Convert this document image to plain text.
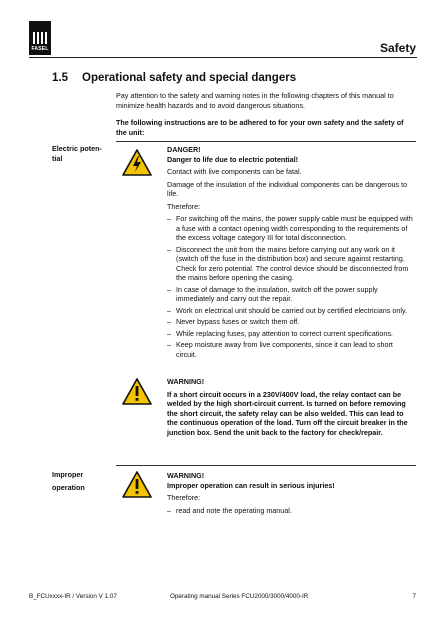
FASEL	Safety
1.5 Operational safety and special dangers
Pay attention to the safety and warning notes in the following chapters of this manual to minimize health hazards and to avoid dangerous situations.
The following instructions are to be adhered to for your own safety and the safety of the unit:
Electric poten-
tial

DANGER!

Danger to life due to electric potential!

Contact with live components can be fatal.

Damage of the insulation of the individual components can be dangerous to life.

Therefore:

– For switching off the mains, the power supply cable must be equipped with a fuse with a contact opening width corresponding to the requirements of the excess voltage category III for total disconnection.
– Disconnect the unit from the mains before carrying out any work on it (switch off the fuse in the distribution box) and secure against restarting. Check for zero potential. The control device should be disconnected from the mains before opening the casing.
– In case of damage to the insulation, switch off the power supply immediately and carry out the repair.
– Work on electrical unit should be carried out by certified electricians only.
– Never bypass fuses or switch them off.
– While replacing fuses, pay attention to correct current specifications.
– Keep moisture away from live components, since it can lead to short circuit.

WARNING!

If a short circuit occurs in a 230V/400V load, the relay contact can be welded by the high short-circuit current. Is turned on before removing the short circuit, the safety relay can be also welded. This can lead to the continuous operation of the load. Turn off the circuit breaker in the junction box. Send the unit back to the factory for check/repair.

Improper
operation

WARNING!

Improper operation can result in serious injuries!

Therefore:

– read and note the operating manual.
B_FCUxxxx-IR / Version V 1.07	Operating manual Series FCU2000/3000/4000-IR	7
